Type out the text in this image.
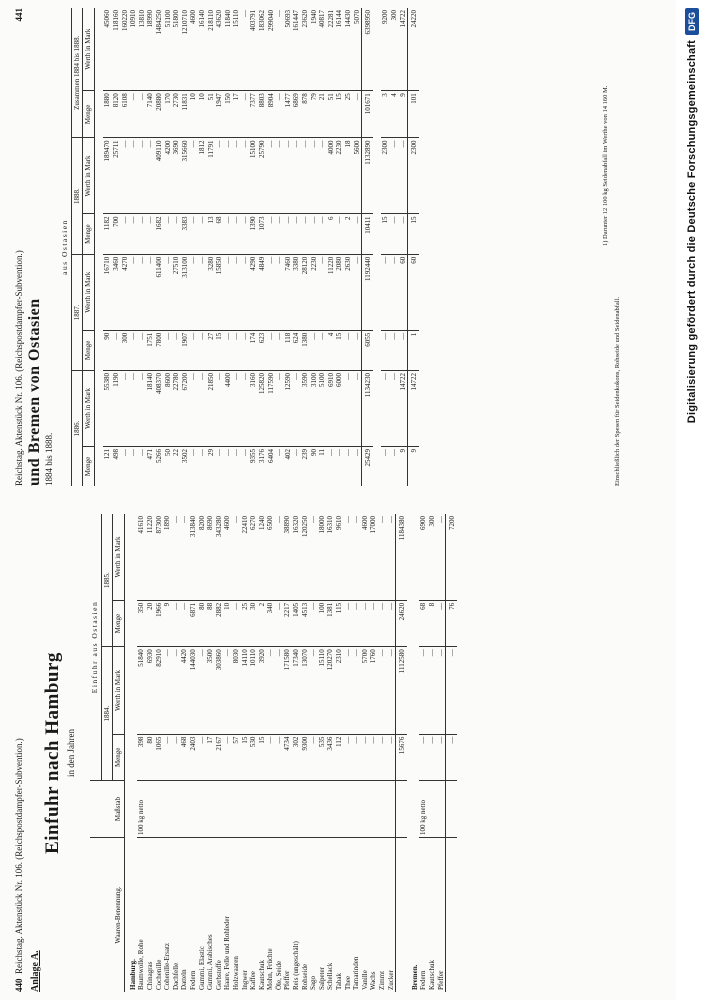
Digitalisierung gefördert durch die Deutsche Forschungsgemeinschaft
DFG
440  Reichstag. Aktenstück Nr. 106. (Reichspostdampfer-Subvention.) Anlage A.
Einfuhr nach Hamburg in den Jahren
Waaren-Benennung.	Maßstab	Einfuhr aus Ostasien			
		1884.		1885.	
		Menge	Werth in Mark	Menge	Werth in Mark
Hamburg.					
Baumwolle, Rohe	100 kg netto	398	51840	350	41610
Chinagras		80	6930	20	11220
Cochenille		1065	82910	1966	87300
Cohenille-Ersatz		—	—	9	1890
Dachfelle		—	—	—	—
Datteln		468	4420	—	—
Federn		2403	144030	6871	313840
Gummi, Elastic		—	—	80	8200
Gummi, Arabisches		17	3500	88	8690
Gerbstoffe		2167	303860	2882	343280
Haare, Felle und Rohleder		—	—	10	4600
Holzwaaren		57	8030	—	—
Ingwer		15	14110	25	22410
Kaffee		530	10110	30	6270
Kautschuk		15	3920	2	1240
Mohn, Früchte		—	—	340	6500
Öle, Seide		—	—	—	—
Pfeffer		4734	171580	2217	38890
Reis (ungeschält)		302	17340	1405	16320
Rohseide		9300	13070	4513	120250
Sago		—	—	—	—
Salpeter		535	15110	100	18000
Schellack		3436	120270	1381	16310
Tabak		112	2310	115	9610
Thee		—	—	—	—
Tamarinden		—	—	—	—
Vanille		—	5700	—	4600
Wachs		—	1760	—	17000
Zimmt		—	—	—	—
Zucker		—	—	—	—
		15676	1112580	24620	1184380
Bremen.					
Federn	100 kg netto	—	—	68	6900
Kautschuk		—	—	8	300
Pfeffer		—	—	—	—
		—	—	76	7200
Reichstag. Aktenstück Nr. 106. (Reichspostdampfer-Subvention.)
441
und Bremen von Ostasien 1884 bis 1888.
aus Ostasien							
1886.		1887.		1888.		Zusammen 1884 bis 1888.	
Menge	Werth in Mark	Menge	Werth in Mark	Menge	Werth in Mark	Menge	Werth in Mark

121	55380	90	16710	1182	189470	1880	45060
498	1190	—	3460	700	25711	8120	118160
—	—	300	4270	—	—	6108	160220
—	—	—	—	—	—	—	10910
—	—	—	—	—	—	—	13810
471	18140	1751	—	—	—	7140	18990
5266	408370	7800	611400	1682	409110	20880	1484250
50	8600	—	—	—	4200	170	51100
22	22780	—	27510	—	3690	2730	51800
3502	67200	1907	313100	3383	315660	11831	1210710
—	—	—	—	—	—	10	4600
—	—	—	—	—	1812	10	16140
29	21850	27	3280	13	11791	51	218110
—	—	15	15850	68	—	1947	43620
—	4400	—	—	—	—	150	11840
—	—	—	—	—	—	17	15110
—	—	—	—	—	—	—	—
9355	3160	174	4290	1390	15100	7377	403791
3176	125820	623	4849	1073	25790	8803	183062
6404	117590	—	—	—	—	8904	299040
—	—	—	—	—	—	—	—
402	12590	118	7460	—	—	1477	50693
—	—	624	3380	—	—	6869	161447
239	3590	1380	28120	—	—	878	23620
90	3100	—	2230	—	—	79	1940
11	5100	—	—	—	—	21	40817
—	6910	4	11220	6	4000	51	22281
—	6000	15	2080	—	2230	15	16144
—	—	—	2630	2	18	25	14430
—	—	—	—	—	5600	—	5070
25429	1134230	6055	1192440	10411	1132890	101671	6398950

—	—	—	—	15	2300	3	9200
—	—	—	—	—	—	4	300
9	14722	—	60	—	—	9	14722
9	14722	1	60	15	2300	101	24220
Einschließlich der Spesen für Seidenkokons, Rohseide und Seidenabfall.
1) Darunter 12 100 kg Seidenabfall im Werthe von 14 160 M.
